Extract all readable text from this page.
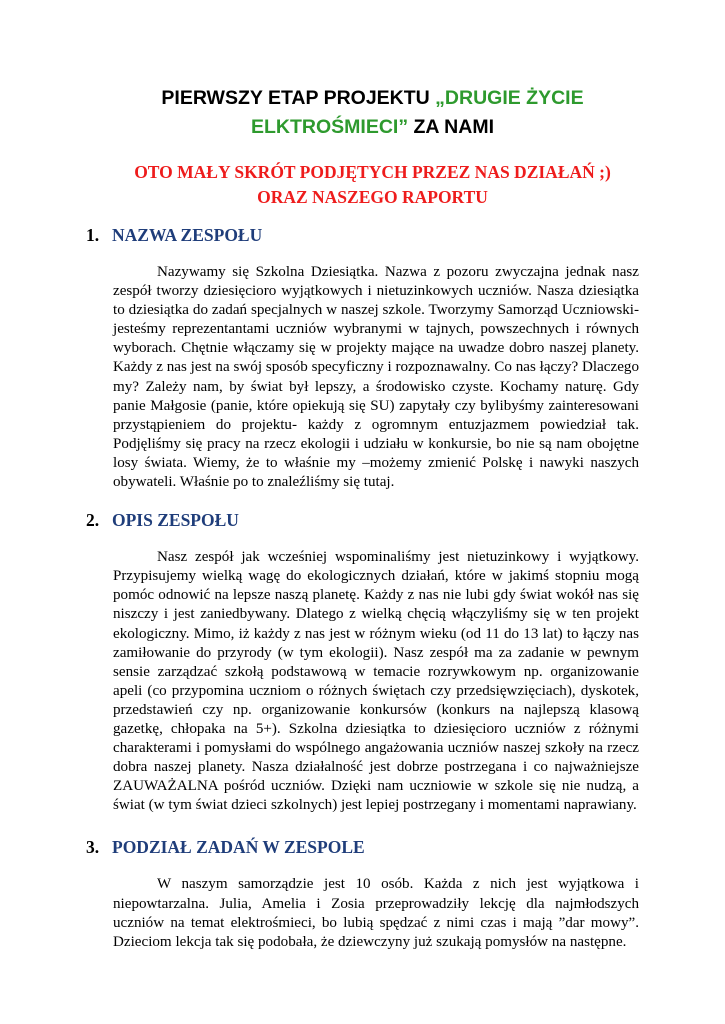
PIERWSZY ETAP PROJEKTU „DRUGIE ŻYCIE
ELKTROŚMIECI” ZA NAMI
OTO MAŁY SKRÓT PODJĘTYCH PRZEZ NAS DZIAŁAŃ ;)
ORAZ NASZEGO RAPORTU
1. NAZWA ZESPOŁU

Nazywamy się Szkolna Dziesiątka. Nazwa z pozoru zwyczajna jednak nasz zespół tworzy dziesięcioro wyjątkowych i nietuzinkowych uczniów. Nasza dziesiątka to dziesiątka do zadań specjalnych w naszej szkole. Tworzymy Samorząd Uczniowski- jesteśmy reprezentantami uczniów wybranymi w tajnych, powszechnych i równych wyborach. Chętnie włączamy się w projekty mające na uwadze dobro naszej planety. Każdy z nas jest na swój sposób specyficzny i rozpoznawalny. Co nas łączy? Dlaczego my? Zależy nam, by świat był lepszy, a środowisko czyste. Kochamy naturę. Gdy panie Małgosie (panie, które opiekują się SU) zapytały czy bylibyśmy zainteresowani przystąpieniem do projektu- każdy z ogromnym entuzjazmem powiedział tak. Podjęliśmy się pracy na rzecz ekologii i udziału w konkursie, bo nie są nam obojętne losy świata. Wiemy, że to właśnie my –możemy zmienić Polskę i nawyki naszych obywateli. Właśnie po to znaleźliśmy się tutaj.

2. OPIS ZESPOŁU

Nasz zespół jak wcześniej wspominaliśmy jest nietuzinkowy i wyjątkowy. Przypisujemy wielką wagę do ekologicznych działań, które w jakimś stopniu mogą pomóc odnowić na lepsze naszą planetę. Każdy z nas nie lubi gdy świat wokół nas się niszczy i jest zaniedbywany. Dlatego z wielką chęcią włączyliśmy się w ten projekt ekologiczny. Mimo, iż każdy z nas jest w różnym wieku (od 11 do 13 lat) to łączy nas zamiłowanie do przyrody (w tym ekologii). Nasz zespół ma za zadanie w pewnym sensie zarządzać szkołą podstawową w temacie rozrywkowym np. organizowanie apeli (co przypomina uczniom o różnych świętach czy przedsięwzięciach), dyskotek, przedstawień czy np. organizowanie konkursów (konkurs na najlepszą klasową gazetkę, chłopaka na 5+). Szkolna dziesiątka to dziesięcioro uczniów z różnymi charakterami i pomysłami do wspólnego angażowania uczniów naszej szkoły na rzecz dobra naszej planety. Nasza działalność jest dobrze postrzegana i co najważniejsze ZAUWAŻALNA pośród uczniów. Dzięki nam uczniowie w szkole się nie nudzą, a świat (w tym świat dzieci szkolnych) jest lepiej postrzegany i momentami naprawiany.

3. PODZIAŁ ZADAŃ W ZESPOLE

W naszym samorządzie jest 10 osób. Każda z nich jest wyjątkowa i niepowtarzalna. Julia, Amelia i Zosia przeprowadziły lekcję dla najmłodszych uczniów na temat elektrośmieci, bo lubią spędzać z nimi czas i mają ”dar mowy”. Dzieciom lekcja tak się podobała, że dziewczyny już szukają pomysłów na następne.
